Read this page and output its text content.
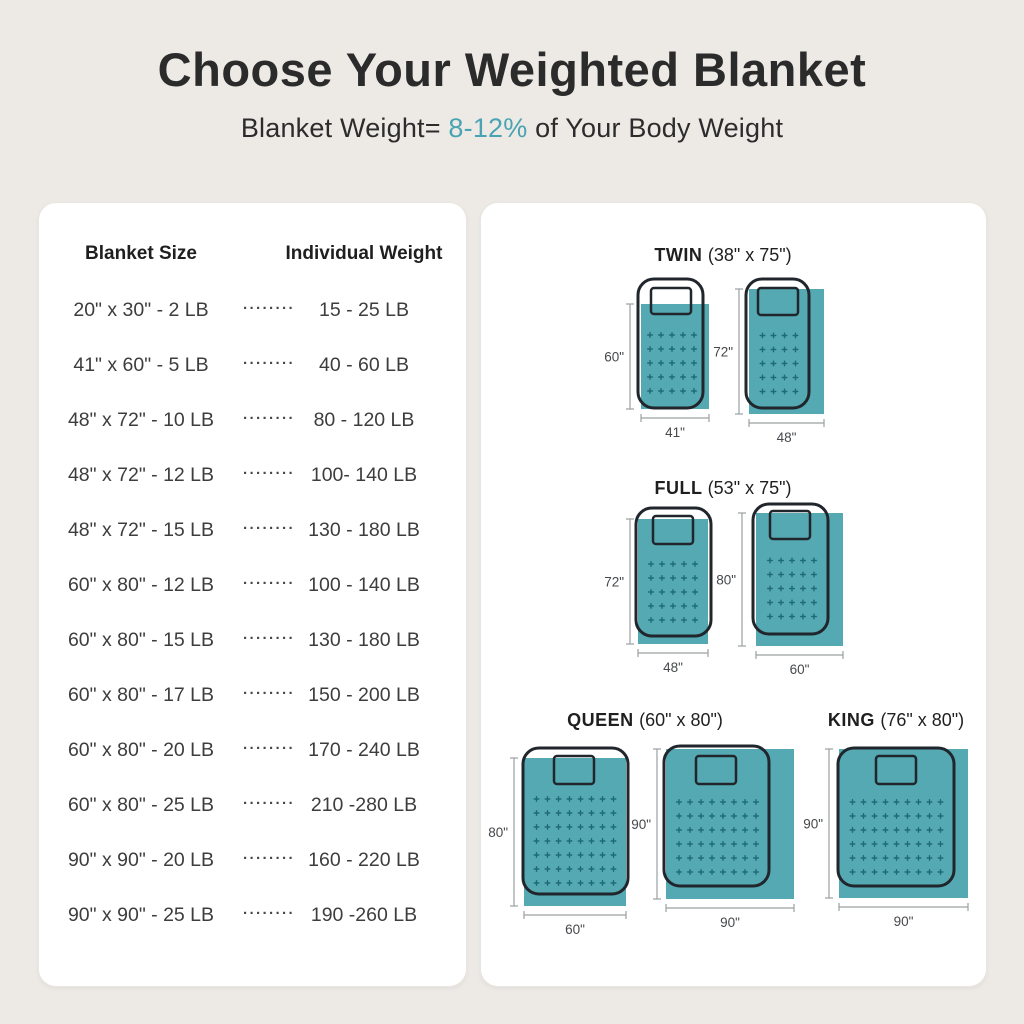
Choose Your Weighted Blanket

Blanket Weight= 8-12% of Your Body Weight

Blanket Size	Individual Weight
20" x 30" - 2 LB	········	15 - 25 LB
41" x 60" - 5 LB	········	40 - 60 LB
48" x 72" - 10 LB	········ 80 - 120 LB
48" x 72" - 12 LB	········ 100- 140 LB
48" x 72" - 15 LB	········ 130 - 180 LB
60" x 80" - 12 LB	········ 100 - 140 LB
60" x 80" - 15 LB	········ 130 - 180 LB
60" x 80" - 17 LB	········ 150 - 200 LB
60" x 80" - 20 LB	········ 170 - 240 LB
60" x 80" - 25 LB	········ 210 -280 LB
90" x 90" - 20 LB	········ 160 - 220 LB
90" x 90" - 25 LB	········ 190 -260 LB
TWIN (38" x 75")
60"
41"
72"
48"
FULL (53" x 75")
72"
48"
80"
60"
QUEEN (60" x 80")
80"
60"
90"
90"
KING (76" x 80")
90"
90"
